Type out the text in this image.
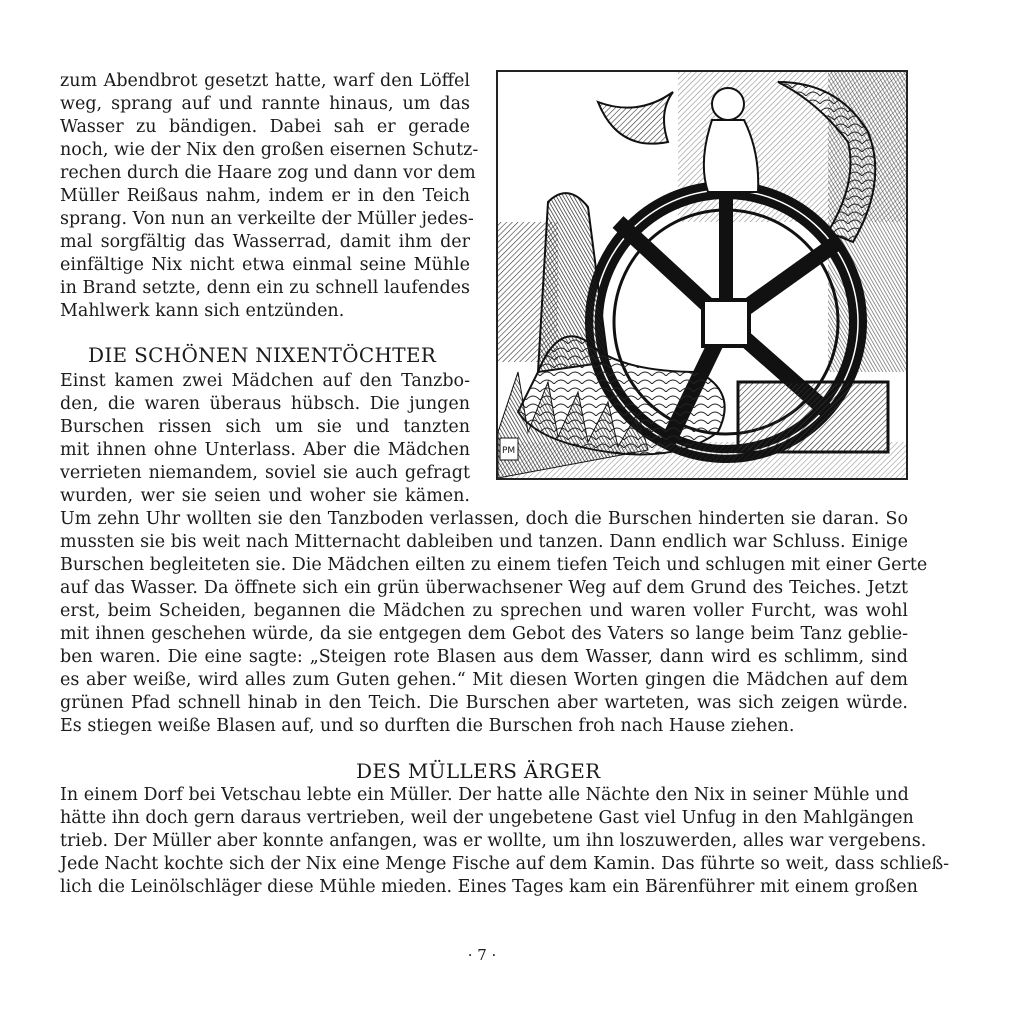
zum Abendbrot gesetzt hatte, warf den Löffel
weg, sprang auf und rannte hinaus, um das
Wasser zu bändigen. Dabei sah er gerade
noch, wie der Nix den großen eisernen Schutz-
rechen durch die Haare zog und dann vor dem
Müller Reißaus nahm, indem er in den Teich
sprang. Von nun an verkeilte der Müller jedes-
mal sorgfältig das Wasserrad, damit ihm der
einfältige Nix nicht etwa einmal seine Mühle
in Brand setzte, denn ein zu schnell laufendes
Mahlwerk kann sich entzünden.
DIE SCHÖNEN NIXENTÖCHTER
Einst kamen zwei Mädchen auf den Tanzbo-
den, die waren überaus hübsch. Die jungen
Burschen rissen sich um sie und tanzten
mit ihnen ohne Unterlass. Aber die Mädchen
verrieten niemandem, soviel sie auch gefragt
wurden, wer sie seien und woher sie kämen.
PM
Um zehn Uhr wollten sie den Tanzboden verlassen, doch die Burschen hinderten sie daran. So
mussten sie bis weit nach Mitternacht dableiben und tanzen. Dann endlich war Schluss. Einige
Burschen begleiteten sie. Die Mädchen eilten zu einem tiefen Teich und schlugen mit einer Gerte
auf das Wasser. Da öffnete sich ein grün überwachsener Weg auf dem Grund des Teiches. Jetzt
erst, beim Scheiden, begannen die Mädchen zu sprechen und waren voller Furcht, was wohl
mit ihnen geschehen würde, da sie entgegen dem Gebot des Vaters so lange beim Tanz geblie-
ben waren. Die eine sagte: „Steigen rote Blasen aus dem Wasser, dann wird es schlimm, sind
es aber weiße, wird alles zum Guten gehen.“ Mit diesen Worten gingen die Mädchen auf dem
grünen Pfad schnell hinab in den Teich. Die Burschen aber warteten, was sich zeigen würde.
Es stiegen weiße Blasen auf, und so durften die Burschen froh nach Hause ziehen.
DES MÜLLERS ÄRGER
In einem Dorf bei Vetschau lebte ein Müller. Der hatte alle Nächte den Nix in seiner Mühle und
hätte ihn doch gern daraus vertrieben, weil der ungebetene Gast viel Unfug in den Mahlgängen
trieb. Der Müller aber konnte anfangen, was er wollte, um ihn loszuwerden, alles war vergebens.
Jede Nacht kochte sich der Nix eine Menge Fische auf dem Kamin. Das führte so weit, dass schließ-
lich die Leinölschläger diese Mühle mieden. Eines Tages kam ein Bärenführer mit einem großen
· 7 ·
